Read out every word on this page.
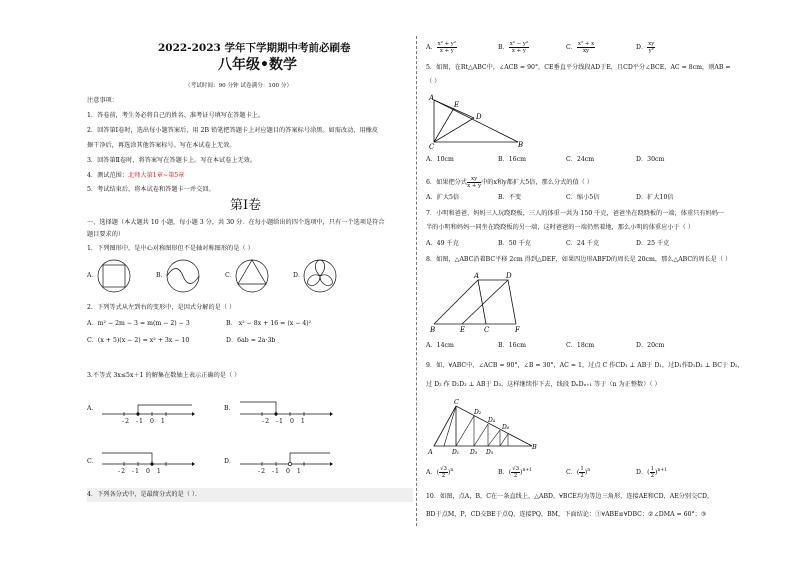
2022-2023 学年下学期期中考前必刷卷
八年级•数学
（考试时间：90 分钟 试卷满分：100 分）
注意事项：
1．答卷前，考生务必将自己的姓名、准考证号填写在答题卡上。
2．回答第Ⅰ卷时，选出每小题答案后，用 2B 铅笔把答题卡上对应题目的答案标号涂黑。如需改动，用橡皮
擦干净后，再选涂其他答案标号。写在本试卷上无效。
3．回答第Ⅱ卷时，将答案写在答题卡上。写在本试卷上无效。
4．测试范围：北师大第1章~第5章
5．考试结束后，将本试卷和答题卡一并交回。
第Ⅰ卷
一、选择题（本大题共 10 小题，每小题 3 分，共 30 分．在每小题给出的四个选项中，只有一个选项是符合
题目要求的）
1．下列图形中，是中心对称图形但不是轴对称图形的是（ ）
A．	B．	C．	D．
2．下列等式从左到右的变形中，是因式分解的是（ ）
A．m² − 2m − 3 = m(m − 2) − 3	B． x² − 8x + 16 = (x − 4)²
C．(x + 5)(x − 2) = x² + 3x − 10	D．6ab = 2a·3b
3.不等式 3x≤5x＋1 的解集在数轴上表示正确的是（ ）
A．
-2 -1 0 1
B．
-2 -1 0 1
C．
-2 -1 0 1
D．
-2 -1 0 1
4．下列各分式中，是最简分式的是（ ）．
A． $\frac{\text{x² + y²}}{x + y}$	B． $\frac{\text{x² − y²}}{x + y}$	C． $\frac{\text{x² + x}}{xy}$	D． $\frac{xy}{\text{y²}}$
5．如图，在Rt△ABC中，∠ACB = 90°，CE垂直平分线段AD于E，且CD平分∠BCE，AC = 8cm，则AB =
（ ）
A
E
D
C	B
A．10cm	B．16cm	C．24cm	D．30cm
6．如果把分式 $\frac{xy}{x + y}$ 中的x和y都扩大5倍，那么分式的值（ ）
A．扩大5倍	B．不变	C．缩小5倍	D．扩大10倍
7．小明和爸爸、妈妈三人玩跷跷板，三人的体重一共为 150 千克，爸爸坐在跷跷板的一端，体重只有妈妈一
半的小明和妈妈一同坐在跷跷板的另一端，这时爸爸的一端仍然着地，那么小明的体重应小于（ ）
A．49 千克	B．50 千克	C．24 千克	D．25 千克
8．如图，△ABC沿着BC平移 2cm 得到△DEF，如果四边形ABFD的周长是 20cm，那么△ABC的周长是（ ）
A	D
B	E	C	F
A．14cm	B．16cm	C．18cm	D．20cm
9．如，∀ABC中，∠ACB = 90°，∠B = 30°，AC = 1，过点 C 作CD₁ ⊥ AB于 D₁，过D₁作D₁D₂ ⊥ BC于 D₂，
过 D₂ 作 D₂D₃ ⊥ AB于 D₃，这样继续作下去，线段 DₙDₙ₊₁ 等于（n 为正整数）（ ）
C
D₂
D₄
D₆
A	D₁ D₃ D₅
B
A．( $\frac{√3}{2} )^n$	B．( $\frac{√3}{2} )^{n+1}$	C．( $\frac{1}{2} )^n$	D．( $\frac{1}{2} )^{n+1}$
10．如图，点A，B，C在一条直线上，△ABD，∀BCE均为等边三角形，连接AE和CD，AE分别交CD，
BD于点M，P，CD交BE于点Q，连接PQ，BM，下面结论：①∀ABE≌∀DBC；②∠DMA = 60°；③
